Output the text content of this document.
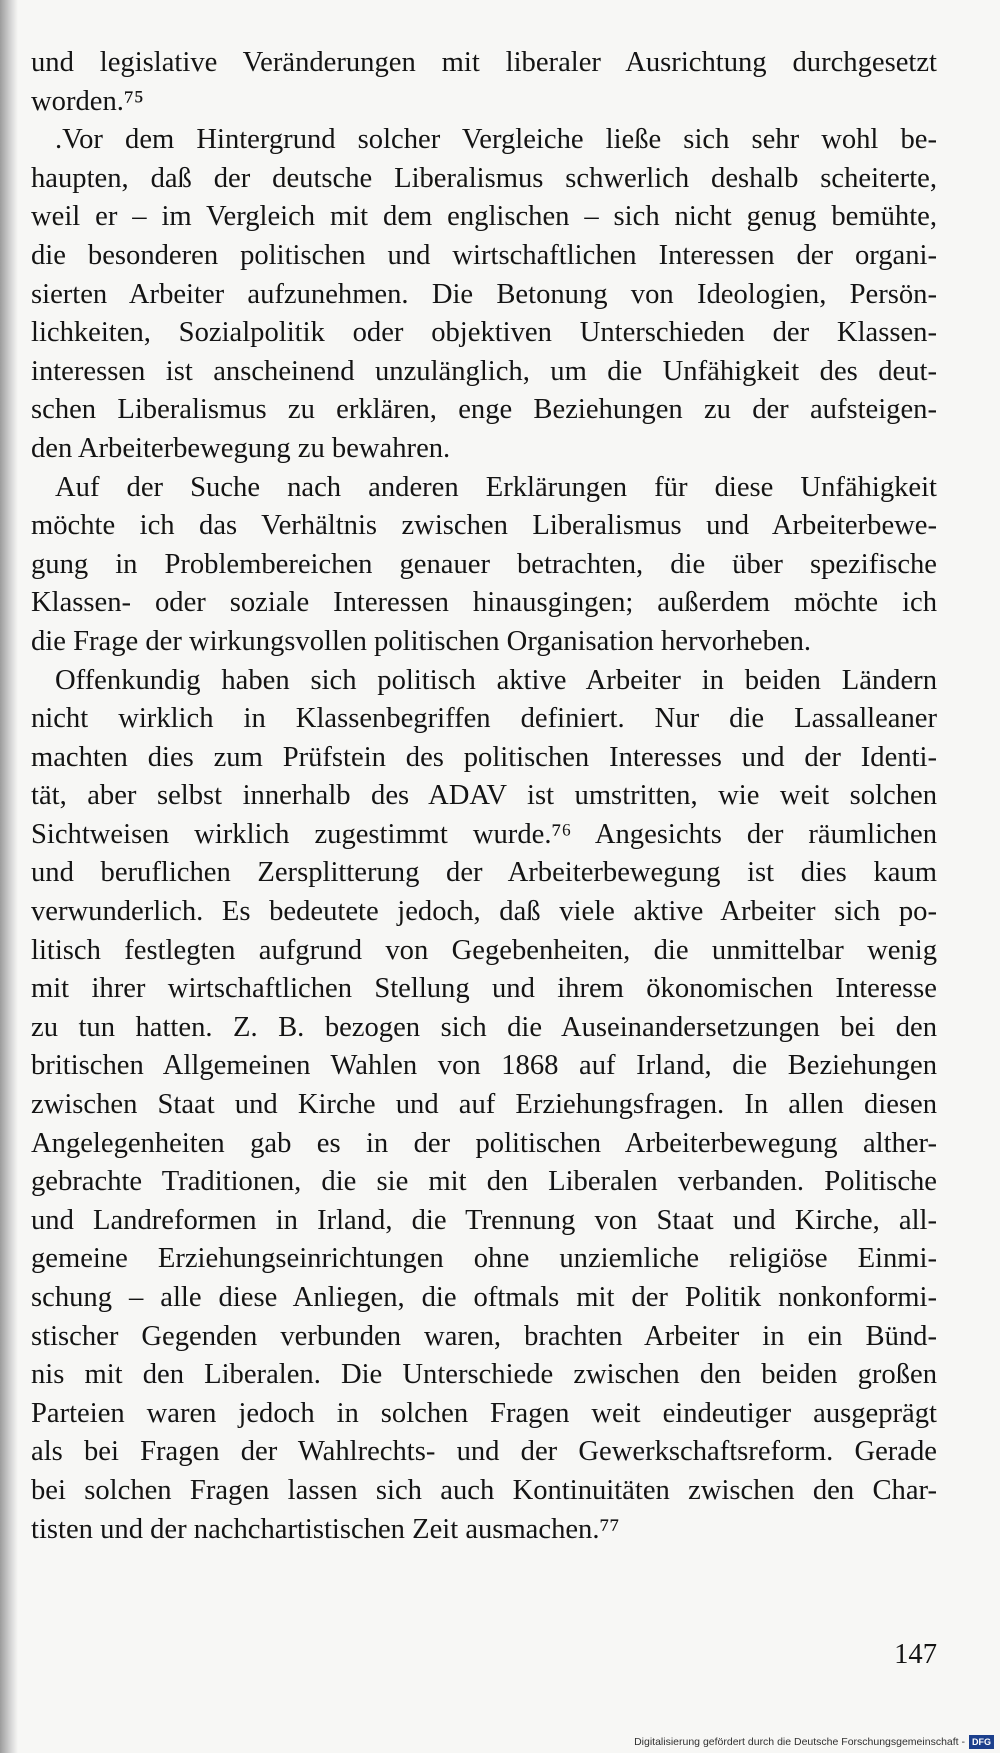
und legislative Veränderungen mit liberaler Ausrichtung durchgesetzt
worden.⁷⁵
.Vor dem Hintergrund solcher Vergleiche ließe sich sehr wohl be-
haupten, daß der deutsche Liberalismus schwerlich deshalb scheiterte,
weil er – im Vergleich mit dem englischen – sich nicht genug bemühte,
die besonderen politischen und wirtschaftlichen Interessen der organi-
sierten Arbeiter aufzunehmen. Die Betonung von Ideologien, Persön-
lichkeiten, Sozialpolitik oder objektiven Unterschieden der Klassen-
interessen ist anscheinend unzulänglich, um die Unfähigkeit des deut-
schen Liberalismus zu erklären, enge Beziehungen zu der aufsteigen-
den Arbeiterbewegung zu bewahren.
Auf der Suche nach anderen Erklärungen für diese Unfähigkeit
möchte ich das Verhältnis zwischen Liberalismus und Arbeiterbewe-
gung in Problembereichen genauer betrachten, die über spezifische
Klassen- oder soziale Interessen hinausgingen; außerdem möchte ich
die Frage der wirkungsvollen politischen Organisation hervorheben.
Offenkundig haben sich politisch aktive Arbeiter in beiden Ländern
nicht wirklich in Klassenbegriffen definiert. Nur die Lassalleaner
machten dies zum Prüfstein des politischen Interesses und der Identi-
tät, aber selbst innerhalb des ADAV ist umstritten, wie weit solchen
Sichtweisen wirklich zugestimmt wurde.⁷⁶ Angesichts der räumlichen
und beruflichen Zersplitterung der Arbeiterbewegung ist dies kaum
verwunderlich. Es bedeutete jedoch, daß viele aktive Arbeiter sich po-
litisch festlegten aufgrund von Gegebenheiten, die unmittelbar wenig
mit ihrer wirtschaftlichen Stellung und ihrem ökonomischen Interesse
zu tun hatten. Z. B. bezogen sich die Auseinandersetzungen bei den
britischen Allgemeinen Wahlen von 1868 auf Irland, die Beziehungen
zwischen Staat und Kirche und auf Erziehungsfragen. In allen diesen
Angelegenheiten gab es in der politischen Arbeiterbewegung alther-
gebrachte Traditionen, die sie mit den Liberalen verbanden. Politische
und Landreformen in Irland, die Trennung von Staat und Kirche, all-
gemeine Erziehungseinrichtungen ohne unziemliche religiöse Einmi-
schung – alle diese Anliegen, die oftmals mit der Politik nonkonformi-
stischer Gegenden verbunden waren, brachten Arbeiter in ein Bünd-
nis mit den Liberalen. Die Unterschiede zwischen den beiden großen
Parteien waren jedoch in solchen Fragen weit eindeutiger ausgeprägt
als bei Fragen der Wahlrechts- und der Gewerkschaftsreform. Gerade
bei solchen Fragen lassen sich auch Kontinuitäten zwischen den Char-
tisten und der nachchartistischen Zeit ausmachen.⁷⁷
147
Digitalisierung gefördert durch die Deutsche Forschungsgemeinschaft - DFG
